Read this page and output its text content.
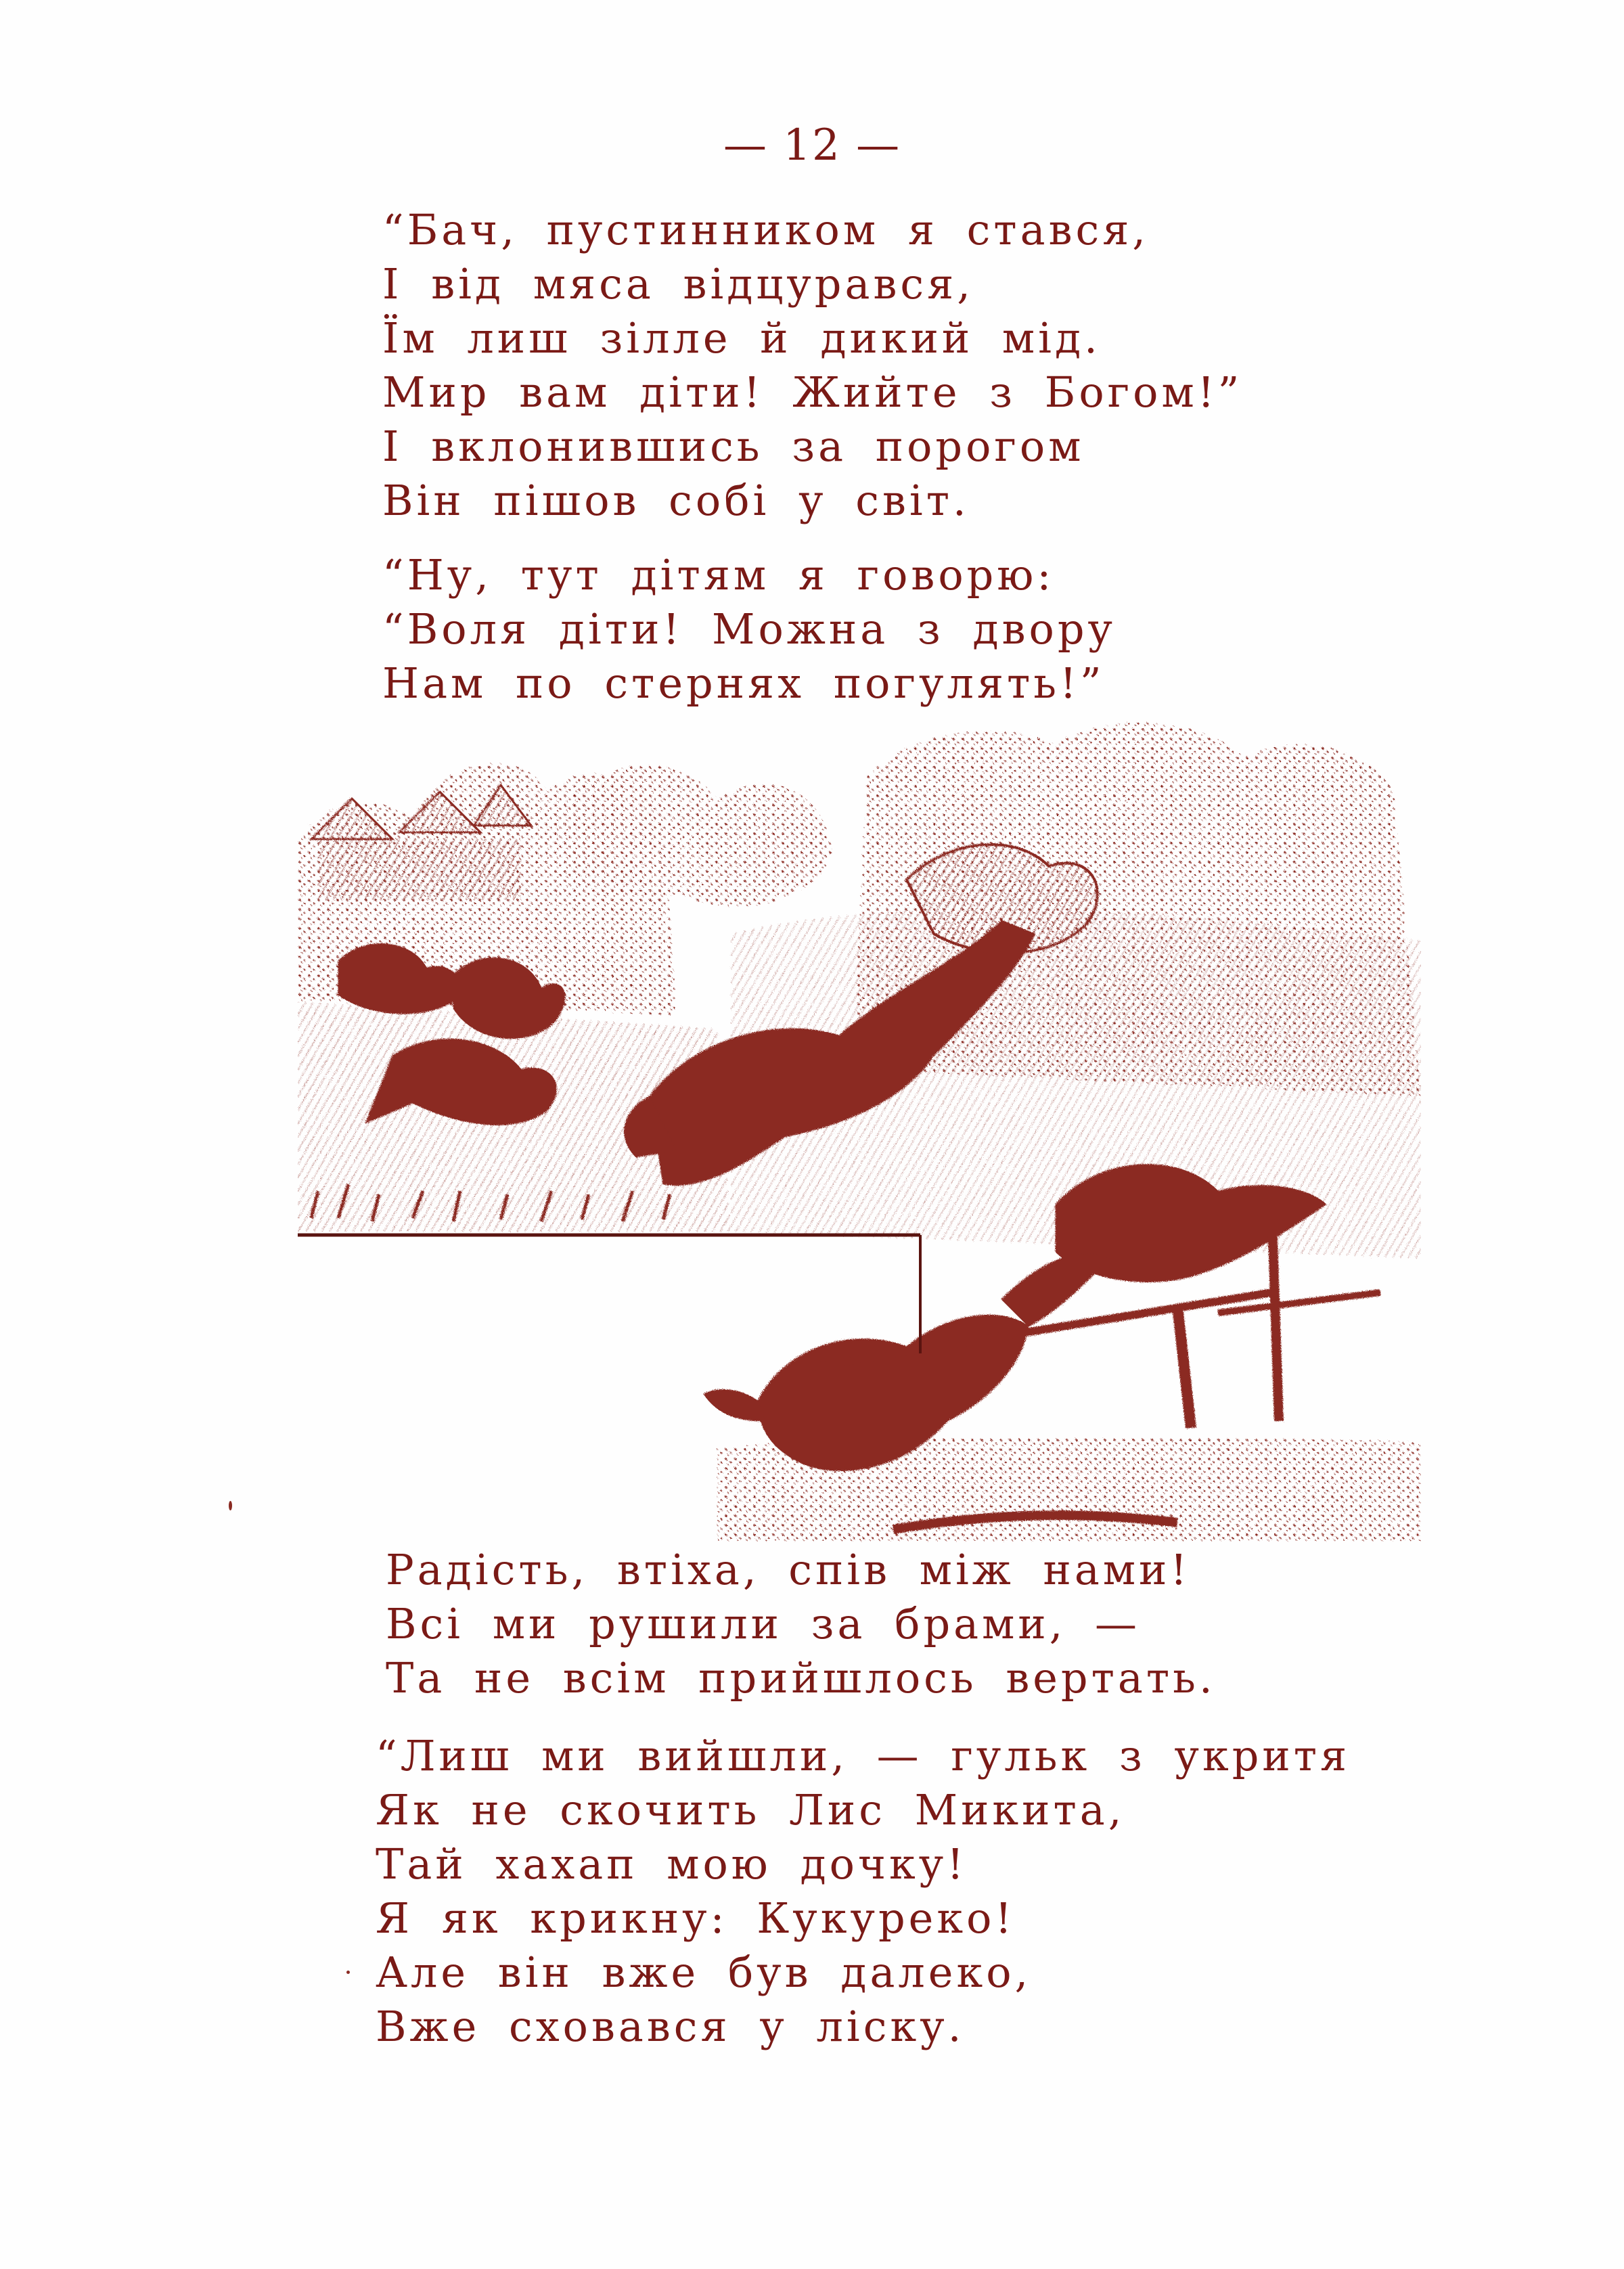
— 12 —
“Бач, пустинником я стався,
І від мяса відцурався,
Їм лиш зілле й дикий мід.
Мир вам діти! Жийте з Богом!”
І вклонившись за порогом
Він пішов собі у світ.
“Ну, тут дітям я говорю:
“Воля діти! Можна з двору
Нам по стернях погулять!”
Радість, втіха, спів між нами!
Всі ми рушили за брами, —
Та не всім прийшлось вертать.
“Лиш ми вийшли, — гульк з укритя
Як не скочить Лис Микита,
Тай хахап мою дочку!
Я як крикну: Кукуреко!
Але він вже був далеко,
Вже сховався у ліску.
